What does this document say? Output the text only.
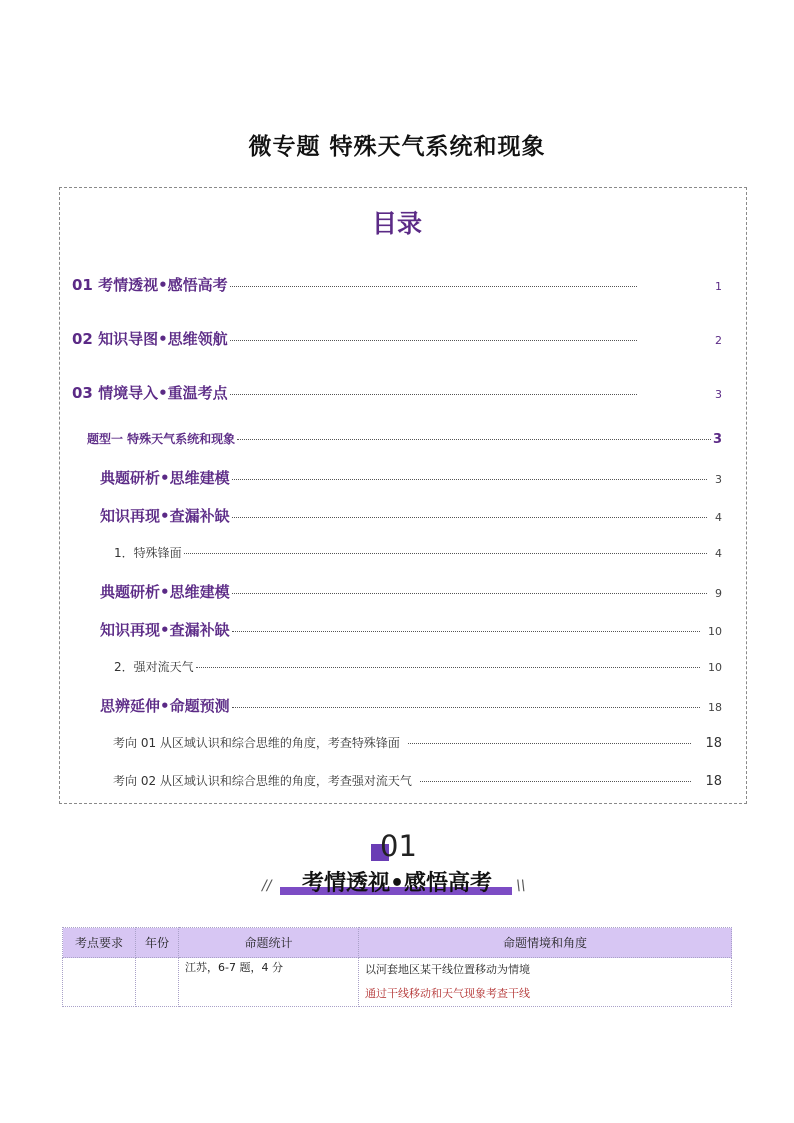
微专题 特殊天气系统和现象
目录
01 考情透视•感悟高考	1
02 知识导图•思维领航	2
03 情境导入•重温考点	3
题型一 特殊天气系统和现象	3
典题研析•思维建模	3
知识再现•查漏补缺	4
1．特殊锋面	4
典题研析•思维建模	9
知识再现•查漏补缺	10
2．强对流天气	10
思辨延伸•命题预测	18
考向 01 从区域认识和综合思维的角度，考查特殊锋面	18
考向 02 从区域认识和综合思维的角度，考查强对流天气	18
01
//	考情透视•感悟高考	\\
考点要求	年份	命题统计	命题情境和角度

		江苏，6-7 题，4 分	以河套地区某干线位置移动为情境
通过干线移动和天气现象考查干线
